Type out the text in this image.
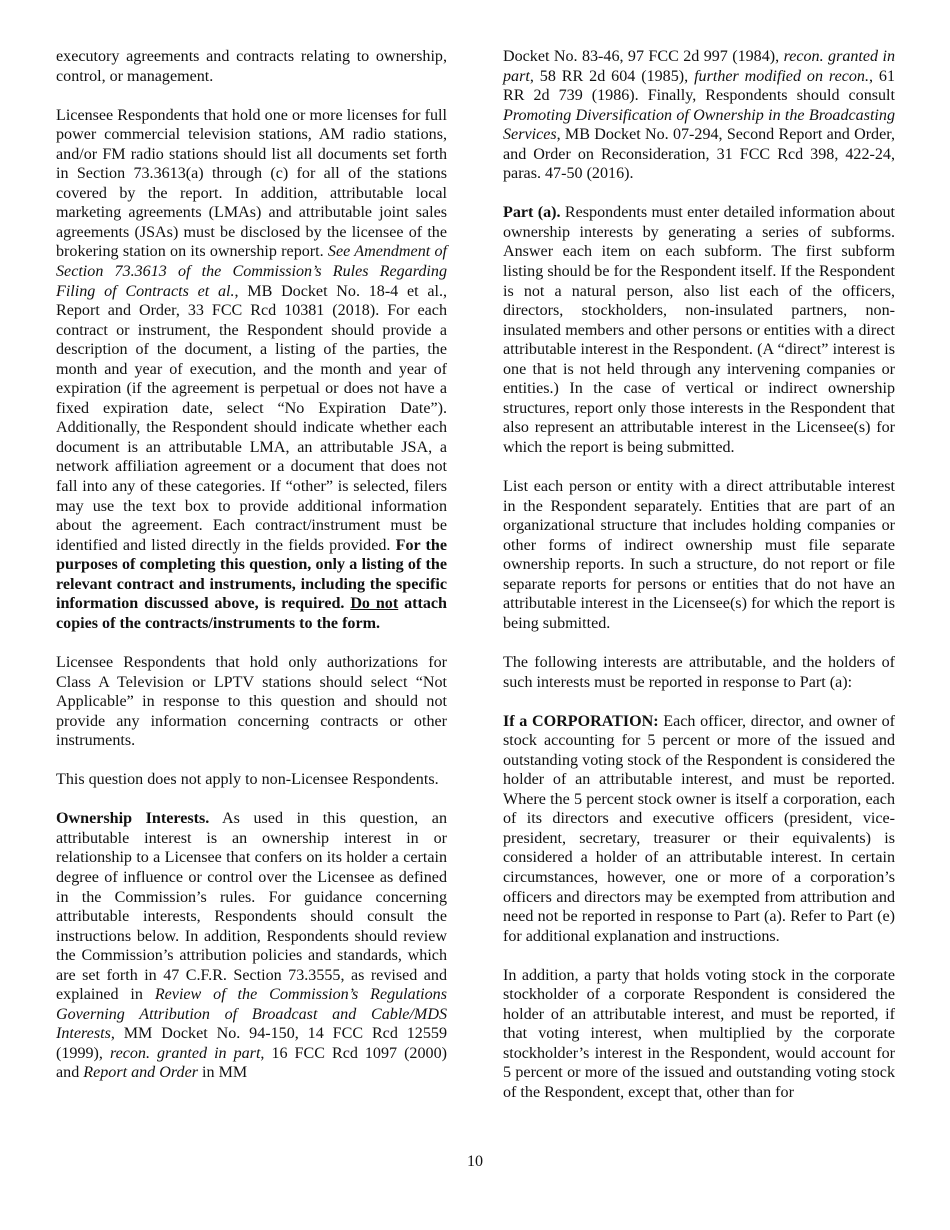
executory agreements and contracts relating to ownership, control, or management.

Licensee Respondents that hold one or more licenses for full power commercial television stations, AM radio stations, and/or FM radio stations should list all documents set forth in Section 73.3613(a) through (c) for all of the stations covered by the report. In addition, attributable local marketing agreements (LMAs) and attributable joint sales agreements (JSAs) must be disclosed by the licensee of the brokering station on its ownership report. See Amendment of Section 73.3613 of the Commission’s Rules Regarding Filing of Contracts et al., MB Docket No. 18-4 et al., Report and Order, 33 FCC Rcd 10381 (2018). For each contract or instrument, the Respondent should provide a description of the document, a listing of the parties, the month and year of execution, and the month and year of expiration (if the agreement is perpetual or does not have a fixed expiration date, select “No Expiration Date”). Additionally, the Respondent should indicate whether each document is an attributable LMA, an attributable JSA, a network affiliation agreement or a document that does not fall into any of these categories. If “other” is selected, filers may use the text box to provide additional information about the agreement. Each contract/instrument must be identified and listed directly in the fields provided. For the purposes of completing this question, only a listing of the relevant contract and instruments, including the specific information discussed above, is required. Do not attach copies of the contracts/instruments to the form.

Licensee Respondents that hold only authorizations for Class A Television or LPTV stations should select “Not Applicable” in response to this question and should not provide any information concerning contracts or other instruments.

This question does not apply to non-Licensee Respondents.

Ownership Interests. As used in this question, an attributable interest is an ownership interest in or relationship to a Licensee that confers on its holder a certain degree of influence or control over the Licensee as defined in the Commission’s rules. For guidance concerning attributable interests, Respondents should consult the instructions below. In addition, Respondents should review the Commission’s attribution policies and standards, which are set forth in 47 C.F.R. Section 73.3555, as revised and explained in Review of the Commission’s Regulations Governing Attribution of Broadcast and Cable/MDS Interests, MM Docket No. 94-150, 14 FCC Rcd 12559 (1999), recon. granted in part, 16 FCC Rcd 1097 (2000) and Report and Order in MM

Docket No. 83-46, 97 FCC 2d 997 (1984), recon. granted in part, 58 RR 2d 604 (1985), further modified on recon., 61 RR 2d 739 (1986). Finally, Respondents should consult Promoting Diversification of Ownership in the Broadcasting Services, MB Docket No. 07-294, Second Report and Order, and Order on Reconsideration, 31 FCC Rcd 398, 422-24, paras. 47-50 (2016).

Part (a). Respondents must enter detailed information about ownership interests by generating a series of subforms. Answer each item on each subform. The first subform listing should be for the Respondent itself. If the Respondent is not a natural person, also list each of the officers, directors, stockholders, non-insulated partners, non-insulated members and other persons or entities with a direct attributable interest in the Respondent. (A “direct” interest is one that is not held through any intervening companies or entities.) In the case of vertical or indirect ownership structures, report only those interests in the Respondent that also represent an attributable interest in the Licensee(s) for which the report is being submitted.

List each person or entity with a direct attributable interest in the Respondent separately. Entities that are part of an organizational structure that includes holding companies or other forms of indirect ownership must file separate ownership reports. In such a structure, do not report or file separate reports for persons or entities that do not have an attributable interest in the Licensee(s) for which the report is being submitted.

The following interests are attributable, and the holders of such interests must be reported in response to Part (a):

If a CORPORATION: Each officer, director, and owner of stock accounting for 5 percent or more of the issued and outstanding voting stock of the Respondent is considered the holder of an attributable interest, and must be reported. Where the 5 percent stock owner is itself a corporation, each of its directors and executive officers (president, vice-president, secretary, treasurer or their equivalents) is considered a holder of an attributable interest. In certain circumstances, however, one or more of a corporation’s officers and directors may be exempted from attribution and need not be reported in response to Part (a). Refer to Part (e) for additional explanation and instructions.

In addition, a party that holds voting stock in the corporate stockholder of a corporate Respondent is considered the holder of an attributable interest, and must be reported, if that voting interest, when multiplied by the corporate stockholder’s interest in the Respondent, would account for 5 percent or more of the issued and outstanding voting stock of the Respondent, except that, other than for

10
